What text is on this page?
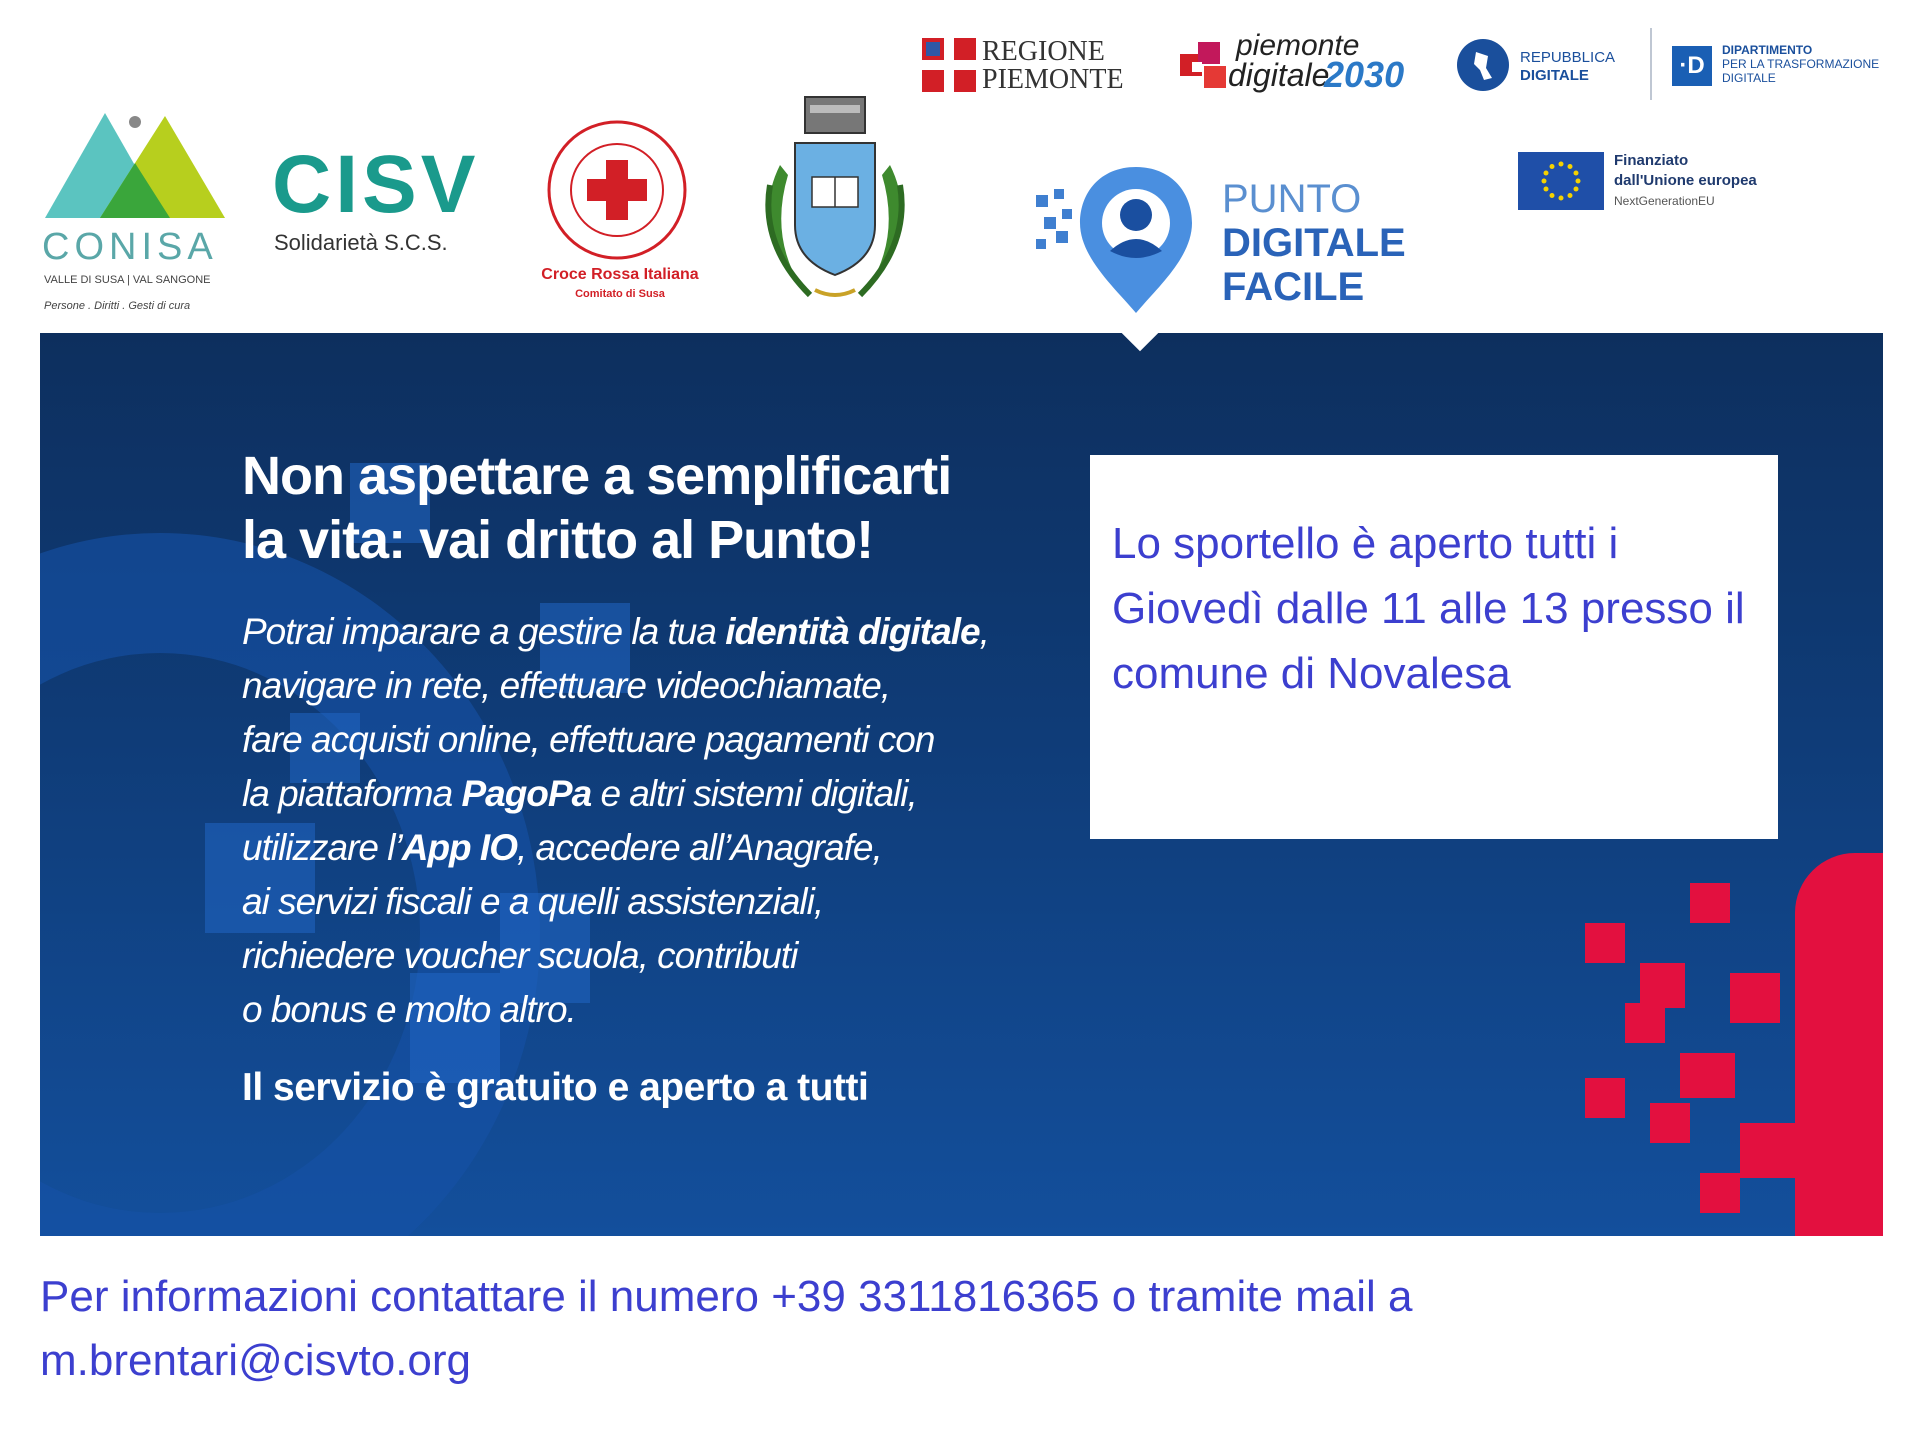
CONISA
VALLE DI SUSA | VAL SANGONE
Persone . Diritti . Gesti di cura
CISV
Solidarietà S.C.S.
Croce Rossa Italiana
Comitato di Susa
REGIONE
PIEMONTE
piemonte
digitale
2030	REPUBBLICA
DIGITALE	·D
DIPARTIMENTO
PER LA TRASFORMAZIONE
DIGITALE
Finanziato
dall'Unione europea
NextGenerationEU
PUNTO
DIGITALE
FACILE
Non aspettare a semplificarti
la vita: vai dritto al Punto!
Potrai imparare a gestire la tua identità digitale,
navigare in rete, effettuare videochiamate,
fare acquisti online, effettuare pagamenti con
la piattaforma PagoPa e altri sistemi digitali,
utilizzare l’App IO, accedere all’Anagrafe,
ai servizi fiscali e a quelli assistenziali,
richiedere voucher scuola, contributi
o bonus e molto altro.
Il servizio è gratuito e aperto a tutti
Lo sportello è aperto tutti i Giovedì dalle 11 alle 13 presso il comune di Novalesa
Per informazioni contattare il numero +39 3311816365 o tramite mail a m.brentari@cisvto.org
